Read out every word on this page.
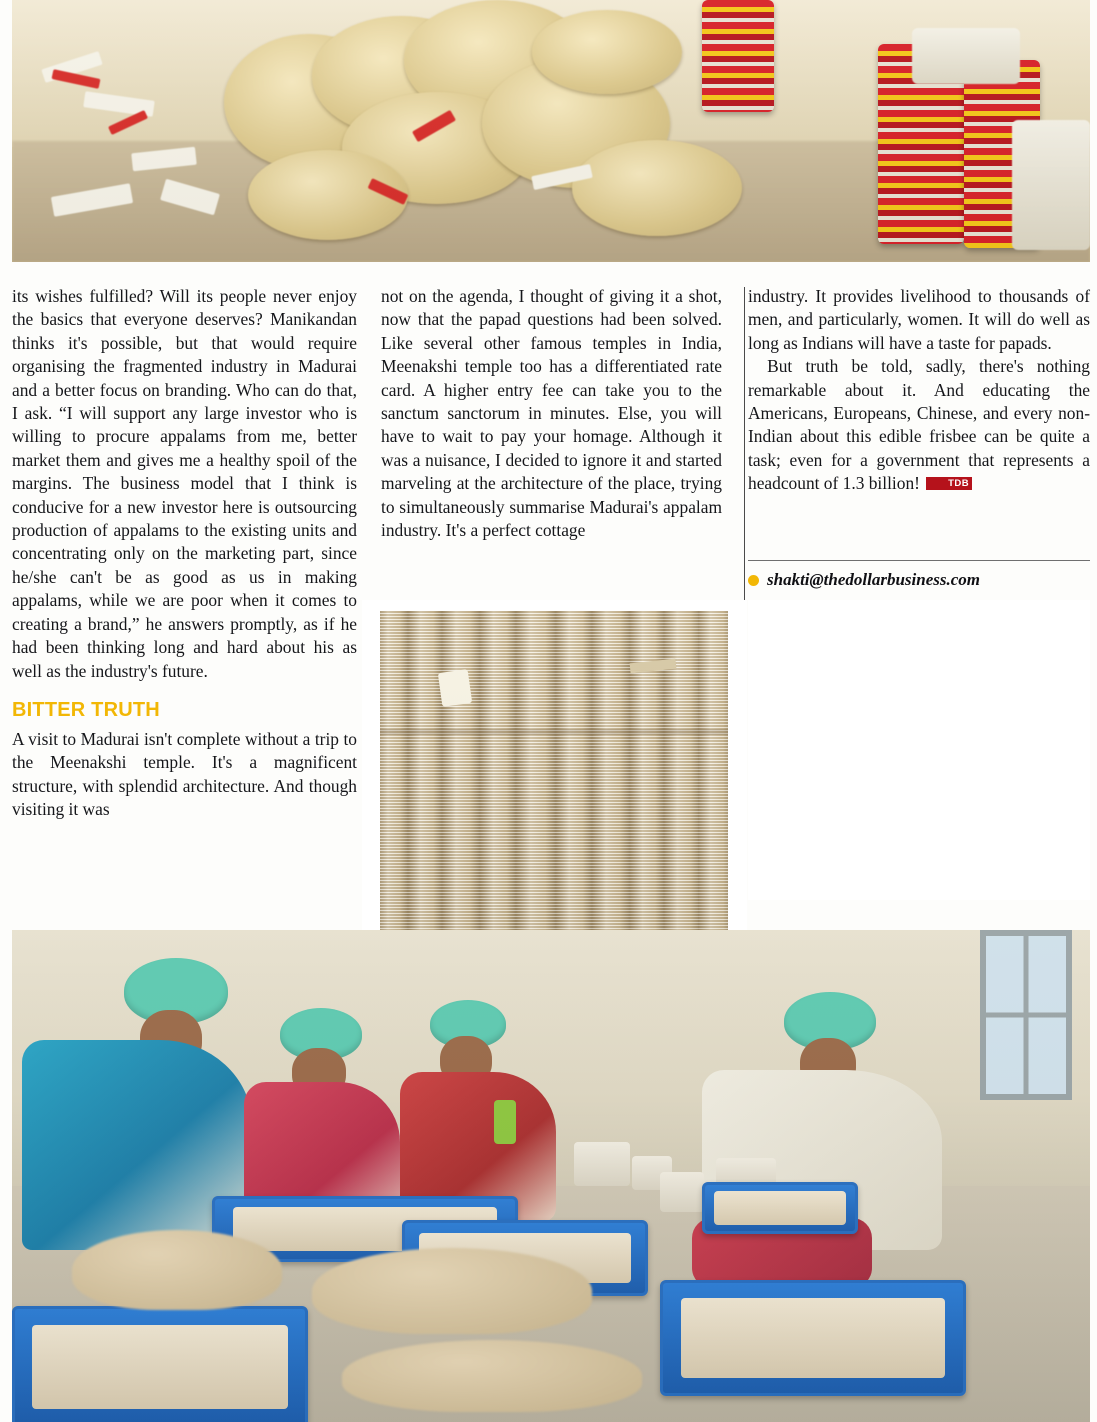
its wishes fulfilled? Will its people never enjoy the basics that everyone deserves? Manikandan thinks it's possible, but that would require organising the fragmented industry in Madurai and a better focus on branding. Who can do that, I ask. “I will support any large investor who is willing to procure appalams from me, better market them and gives me a healthy spoil of the margins. The business model that I think is conducive for a new investor here is outsourcing production of appalams to the existing units and concentrating only on the marketing part, since he/she can't be as good as us in making appalams, while we are poor when it comes to creating a brand,” he answers promptly, as if he had been thinking long and hard about his as well as the industry's future.

BITTER TRUTH

A visit to Madurai isn't complete without a trip to the Meenakshi temple. It's a magnificent structure, with splendid architecture. And though visiting it was

not on the agenda, I thought of giving it a shot, now that the papad questions had been solved. Like several other famous temples in India, Meenakshi temple too has a differentiated rate card. A higher entry fee can take you to the sanctum sanctorum in minutes. Else, you will have to wait to pay your homage. Although it was a nuisance, I decided to ignore it and started marveling at the architecture of the place, trying to simultaneously summarise Madurai's appalam industry. It's a perfect cottage

industry. It provides livelihood to thousands of men, and particularly, women. It will do well as long as Indians will have a taste for papads.

But truth be told, sadly, there's nothing remarkable about it. And educating the Americans, Europeans, Chinese, and every non-Indian about this edible frisbee can be quite a task; even for a government that represents a headcount of 1.3 billion!	TDB

shakti@thedollarbusiness.com
